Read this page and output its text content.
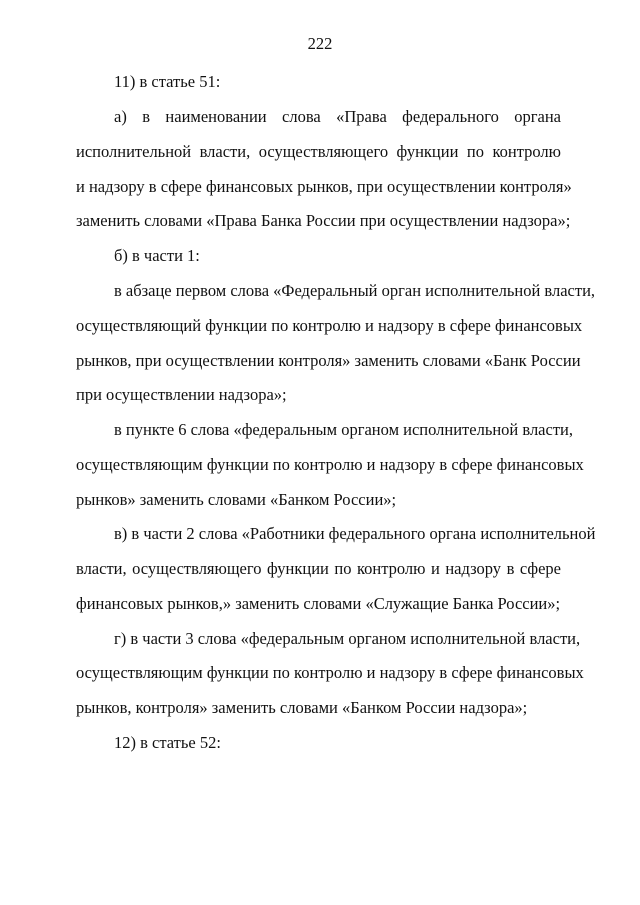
222
11) в статье 51:
а) в наименовании слова «Права федерального органа
исполнительной власти, осуществляющего функции по контролю
и надзору в сфере финансовых рынков, при осуществлении контроля»
заменить словами «Права Банка России при осуществлении надзора»;
б) в части 1:
в абзаце первом слова «Федеральный орган исполнительной власти,
осуществляющий функции по контролю и надзору в сфере финансовых
рынков, при осуществлении контроля» заменить словами «Банк России
при осуществлении надзора»;
в пункте 6 слова «федеральным органом исполнительной власти,
осуществляющим функции по контролю и надзору в сфере финансовых
рынков» заменить словами «Банком России»;
в) в части 2 слова «Работники федерального органа исполнительной
власти, осуществляющего функции по контролю и надзору в сфере
финансовых рынков,» заменить словами «Служащие Банка России»;
г) в части 3 слова «федеральным органом исполнительной власти,
осуществляющим функции по контролю и надзору в сфере финансовых
рынков, контроля» заменить словами «Банком России надзора»;
12) в статье 52:
